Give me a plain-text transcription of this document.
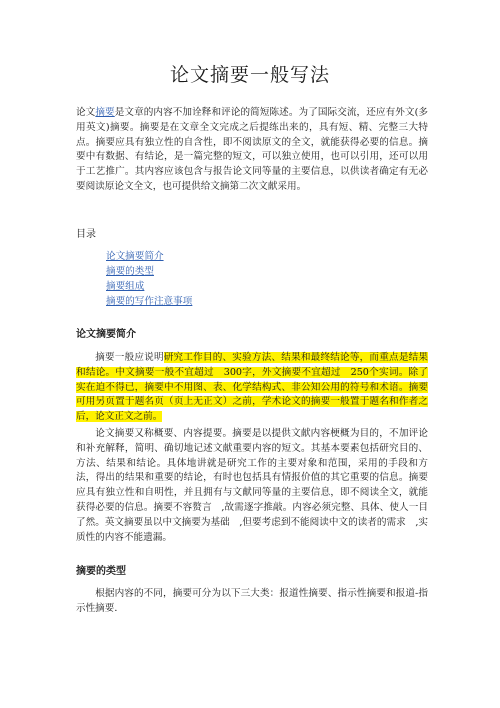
论文摘要一般写法
论文摘要是文章的内容不加诠释和评论的简短陈述。为了国际交流，还应有外文(多用英文)摘要。摘要是在文章全文完成之后提练出来的，具有短、精、完整三大特点。摘要应具有独立性的自含性，即不阅读原文的全文，就能获得必要的信息。摘要中有数据、有结论，是一篇完整的短文，可以独立使用，也可以引用，还可以用于工艺推广。其内容应该包含与报告论文同等量的主要信息，以供读者确定有无必要阅读原论文全文，也可提供给文摘第二次文献采用。
目录
论文摘要简介
摘要的类型
摘要组成
摘要的写作注意事项
论文摘要简介
摘要一般应说明研究工作目的、实验方法、结果和最终结论等，而重点是结果和结论。中文摘要一般不宜超过　300字，外文摘要不宜超过　250个实词。除了实在迫不得已，摘要中不用图、表、化学结构式、非公知公用的符号和术语。摘要可用另页置于题名页（页上无正文）之前，学术论文的摘要一般置于题名和作者之后，论文正文之前。
论文摘要又称概要、内容提要。摘要是以提供文献内容梗概为目的，不加评论和补充解释，简明、确切地记述文献重要内容的短文。其基本要素包括研究目的、方法、结果和结论。具体地讲就是研究工作的主要对象和范围，采用的手段和方法，得出的结果和重要的结论，有时也包括具有情报价值的其它重要的信息。摘要应具有独立性和自明性，并且拥有与文献同等量的主要信息，即不阅读全文，就能获得必要的信息。摘要不容赘言　,故需逐字推敲。内容必须完整、具体、使人一目了然。英文摘要虽以中文摘要为基础　,但要考虑到不能阅读中文的读者的需求　,实质性的内容不能遗漏。
摘要的类型
根据内容的不同，摘要可分为以下三大类：报道性摘要、指示性摘要和报道-指示性摘要．
